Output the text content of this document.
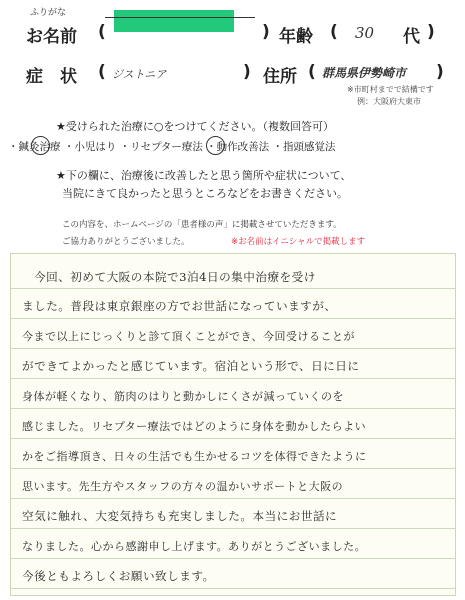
ふりがな
お名前 (	) 年齢 ( 30 代 )
症　状 ( ジストニア	) 住所 ( 群馬県伊勢崎市 )
※市町村までで結構です
例：大阪府大東市
★受けられた治療に○をつけてください。（複数回答可）
・鍼灸治療 ・小児はり ・リセプター療法 ・動作改善法 ・指頭感覚法
★下の欄に、治療後に改善したと思う箇所や症状について、
当院にきて良かったと思うところなどをお書きください。
この内容を、ホームページの「患者様の声」に掲載させていただきます。
ご協力ありがとうございました。	※お名前はイニシャルで掲載します
今回、初めて大阪の本院で3泊4日の集中治療を受け
ました。普段は東京銀座の方でお世話になっていますが、
今まで以上にじっくりと診て頂くことができ、今回受けることが
ができてよかったと感じています。宿泊という形で、日に日に
身体が軽くなり、筋肉のはりと動かしにくさが減っていくのを
感じました。リセプター療法ではどのように身体を動かしたらよい
かをご指導頂き、日々の生活でも生かせるコツを体得できたように
思います。先生方やスタッフの方々の温かいサポートと大阪の
空気に触れ、大変気持ちも充実しました。本当にお世話に
なりました。心から感謝申し上げます。ありがとうございました。
今後ともよろしくお願い致します。
